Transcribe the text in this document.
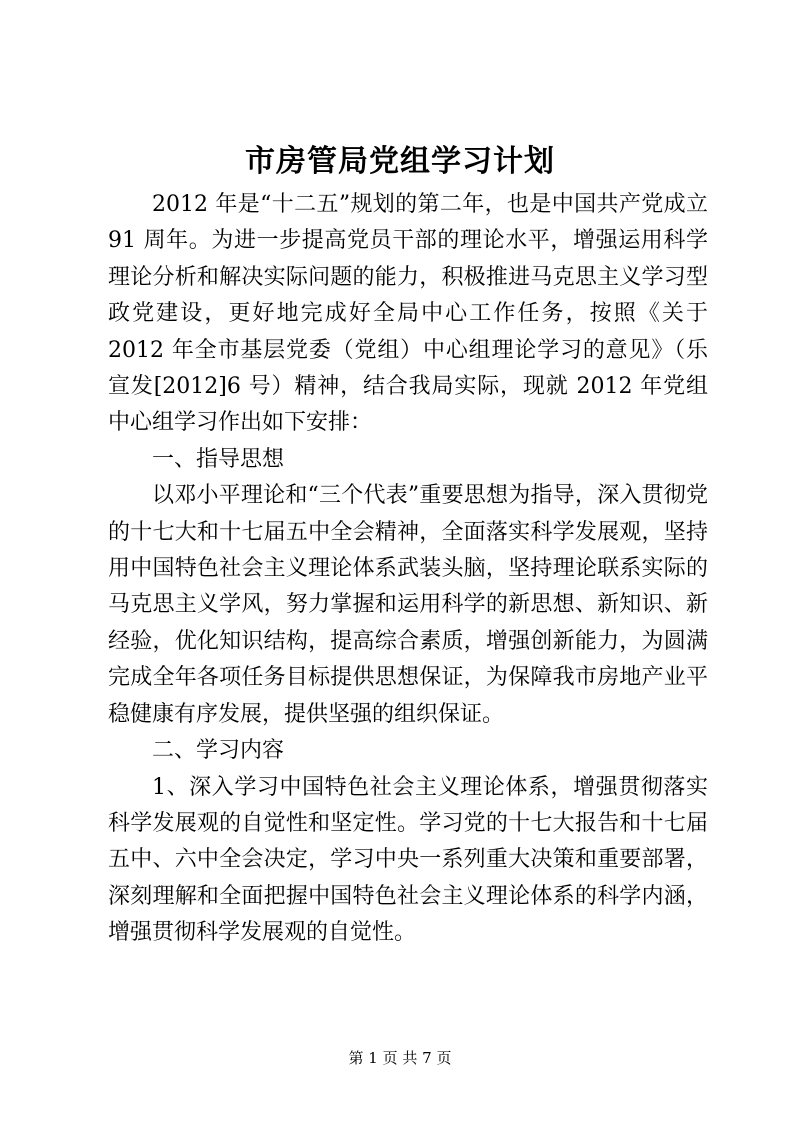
市房管局党组学习计划

2012 年是“十二五”规划的第二年，也是中国共产党成立 91 周年。为进一步提高党员干部的理论水平，增强运用科学理论分析和解决实际问题的能力，积极推进马克思主义学习型政党建设，更好地完成好全局中心工作任务，按照《关于 2012 年全市基层党委（党组）中心组理论学习的意见》（乐宣发[2012]6 号）精神，结合我局实际，现就 2012 年党组中心组学习作出如下安排：

一、指导思想

以邓小平理论和“三个代表”重要思想为指导，深入贯彻党的十七大和十七届五中全会精神，全面落实科学发展观，坚持用中国特色社会主义理论体系武装头脑，坚持理论联系实际的马克思主义学风，努力掌握和运用科学的新思想、新知识、新经验，优化知识结构，提高综合素质，增强创新能力，为圆满完成全年各项任务目标提供思想保证，为保障我市房地产业平稳健康有序发展，提供坚强的组织保证。

二、学习内容

1、深入学习中国特色社会主义理论体系，增强贯彻落实科学发展观的自觉性和坚定性。学习党的十七大报告和十七届五中、六中全会决定，学习中央一系列重大决策和重要部署，深刻理解和全面把握中国特色社会主义理论体系的科学内涵，增强贯彻科学发展观的自觉性。

第 1 页 共 7 页
